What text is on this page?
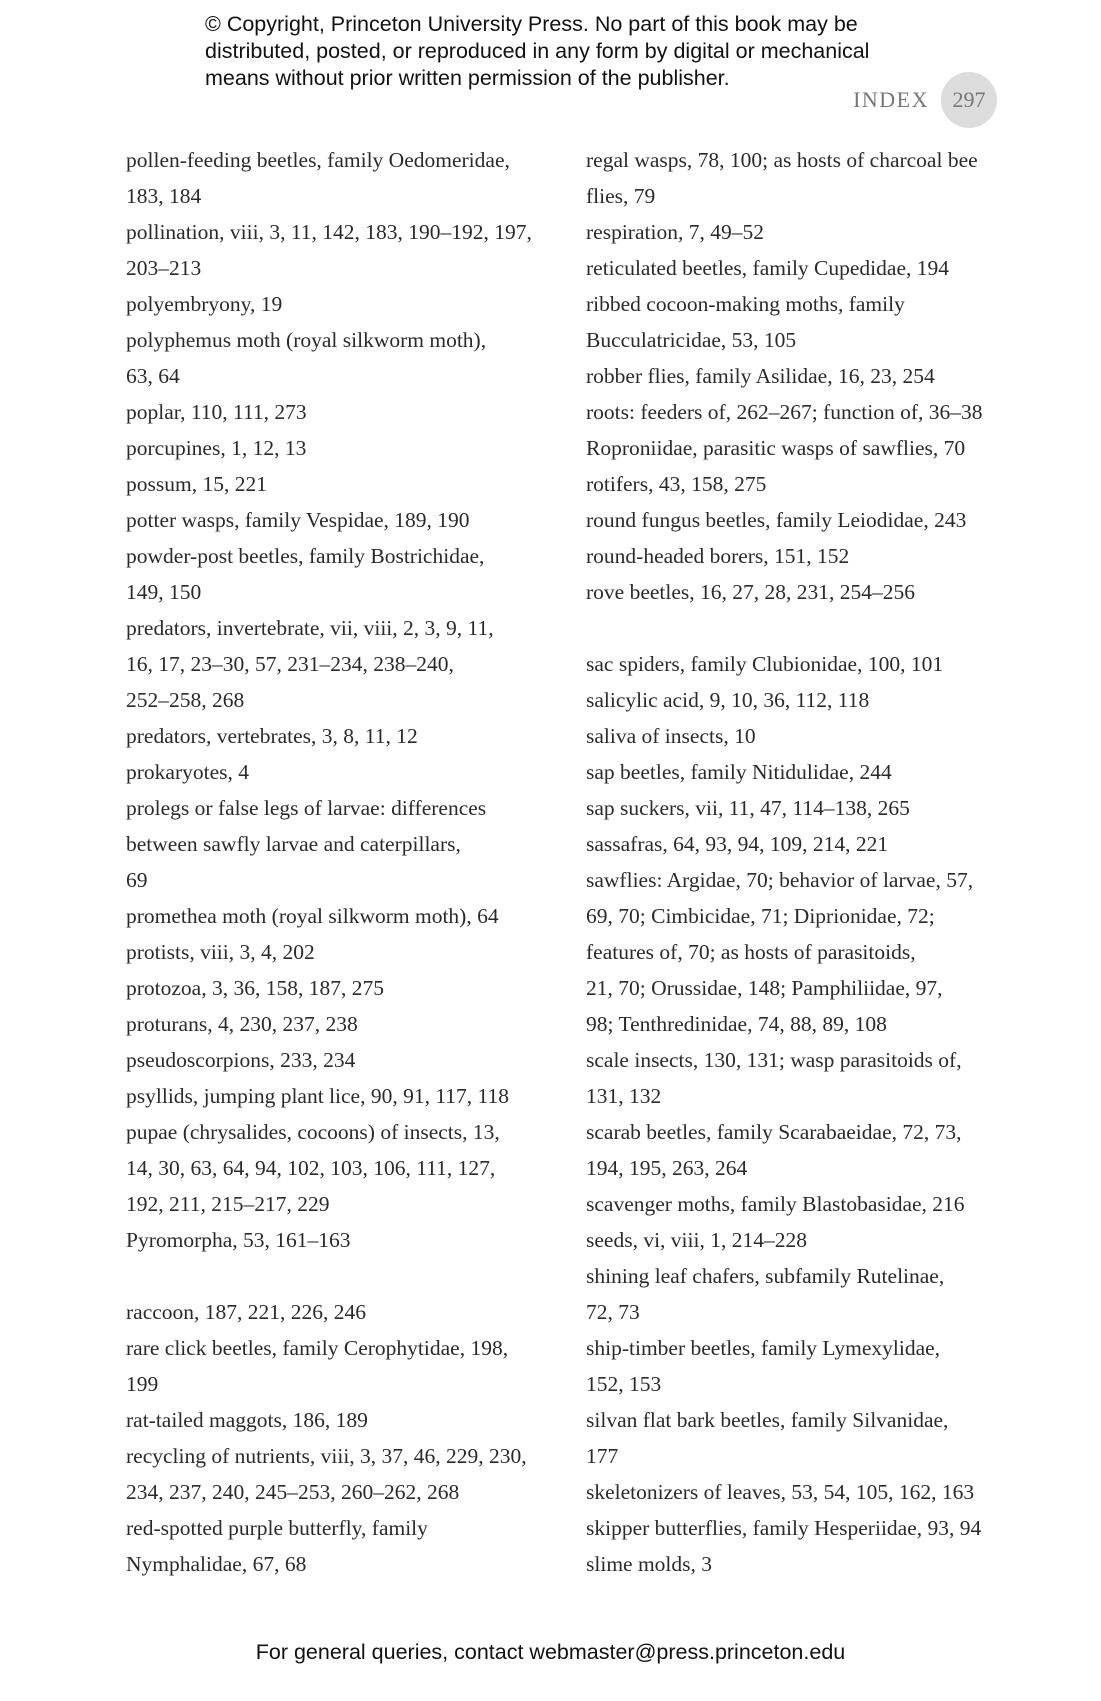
© Copyright, Princeton University Press. No part of this book may be
distributed, posted, or reproduced in any form by digital or mechanical
means without prior written permission of the publisher.
INDEX	297
pollen-feeding beetles, family Oedomeridae,
183, 184
pollination, viii, 3, 11, 142, 183, 190–192, 197,
203–213
polyembryony, 19
polyphemus moth (royal silkworm moth),
63, 64
poplar, 110, 111, 273
porcupines, 1, 12, 13
possum, 15, 221
potter wasps, family Vespidae, 189, 190
powder-post beetles, family Bostrichidae,
149, 150
predators, invertebrate, vii, viii, 2, 3, 9, 11,
16, 17, 23–30, 57, 231–234, 238–240,
252–258, 268
predators, vertebrates, 3, 8, 11, 12
prokaryotes, 4
prolegs or false legs of larvae: differences
between sawfly larvae and caterpillars,
69
promethea moth (royal silkworm moth), 64
protists, viii, 3, 4, 202
protozoa, 3, 36, 158, 187, 275
proturans, 4, 230, 237, 238
pseudoscorpions, 233, 234
psyllids, jumping plant lice, 90, 91, 117, 118
pupae (chrysalides, cocoons) of insects, 13,
14, 30, 63, 64, 94, 102, 103, 106, 111, 127,
192, 211, 215–217, 229
Pyromorpha, 53, 161–163
raccoon, 187, 221, 226, 246
rare click beetles, family Cerophytidae, 198,
199
rat-tailed maggots, 186, 189
recycling of nutrients, viii, 3, 37, 46, 229, 230,
234, 237, 240, 245–253, 260–262, 268
red-spotted purple butterfly, family
Nymphalidae, 67, 68
regal wasps, 78, 100; as hosts of charcoal bee
flies, 79
respiration, 7, 49–52
reticulated beetles, family Cupedidae, 194
ribbed cocoon-making moths, family
Bucculatricidae, 53, 105
robber flies, family Asilidae, 16, 23, 254
roots: feeders of, 262–267; function of, 36–38
Roproniidae, parasitic wasps of sawflies, 70
rotifers, 43, 158, 275
round fungus beetles, family Leiodidae, 243
round-headed borers, 151, 152
rove beetles, 16, 27, 28, 231, 254–256
sac spiders, family Clubionidae, 100, 101
salicylic acid, 9, 10, 36, 112, 118
saliva of insects, 10
sap beetles, family Nitidulidae, 244
sap suckers, vii, 11, 47, 114–138, 265
sassafras, 64, 93, 94, 109, 214, 221
sawflies: Argidae, 70; behavior of larvae, 57,
69, 70; Cimbicidae, 71; Diprionidae, 72;
features of, 70; as hosts of parasitoids,
21, 70; Orussidae, 148; Pamphiliidae, 97,
98; Tenthredinidae, 74, 88, 89, 108
scale insects, 130, 131; wasp parasitoids of,
131, 132
scarab beetles, family Scarabaeidae, 72, 73,
194, 195, 263, 264
scavenger moths, family Blastobasidae, 216
seeds, vi, viii, 1, 214–228
shining leaf chafers, subfamily Rutelinae,
72, 73
ship-timber beetles, family Lymexylidae,
152, 153
silvan flat bark beetles, family Silvanidae,
177
skeletonizers of leaves, 53, 54, 105, 162, 163
skipper butterflies, family Hesperiidae, 93, 94
slime molds, 3
For general queries, contact webmaster@press.princeton.edu
